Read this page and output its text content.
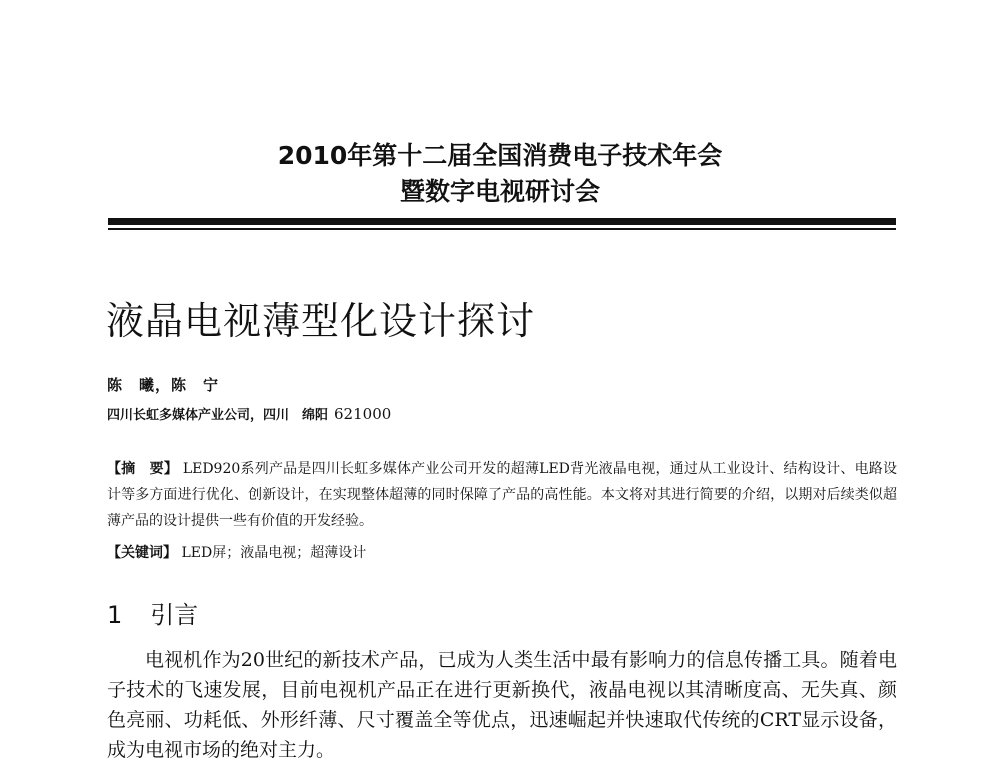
2010年第十二届全国消费电子技术年会
暨数字电视研讨会
液晶电视薄型化设计探讨
陈　曦，陈　宁
四川长虹多媒体产业公司，四川　绵阳 621000
【摘　要】 LED920系列产品是四川长虹多媒体产业公司开发的超薄LED背光液晶电视，通过从工业设计、结构设计、电路设计等多方面进行优化、创新设计，在实现整体超薄的同时保障了产品的高性能。本文将对其进行简要的介绍，以期对后续类似超薄产品的设计提供一些有价值的开发经验。
【关键词】 LED屏；液晶电视；超薄设计
1 引言

电视机作为20世纪的新技术产品，已成为人类生活中最有影响力的信息传播工具。随着电子技术的飞速发展，目前电视机产品正在进行更新换代，液晶电视以其清晰度高、无失真、颜色亮丽、功耗低、外形纤薄、尺寸覆盖全等优点，迅速崛起并快速取代传统的CRT显示设备，成为电视市场的绝对主力。
